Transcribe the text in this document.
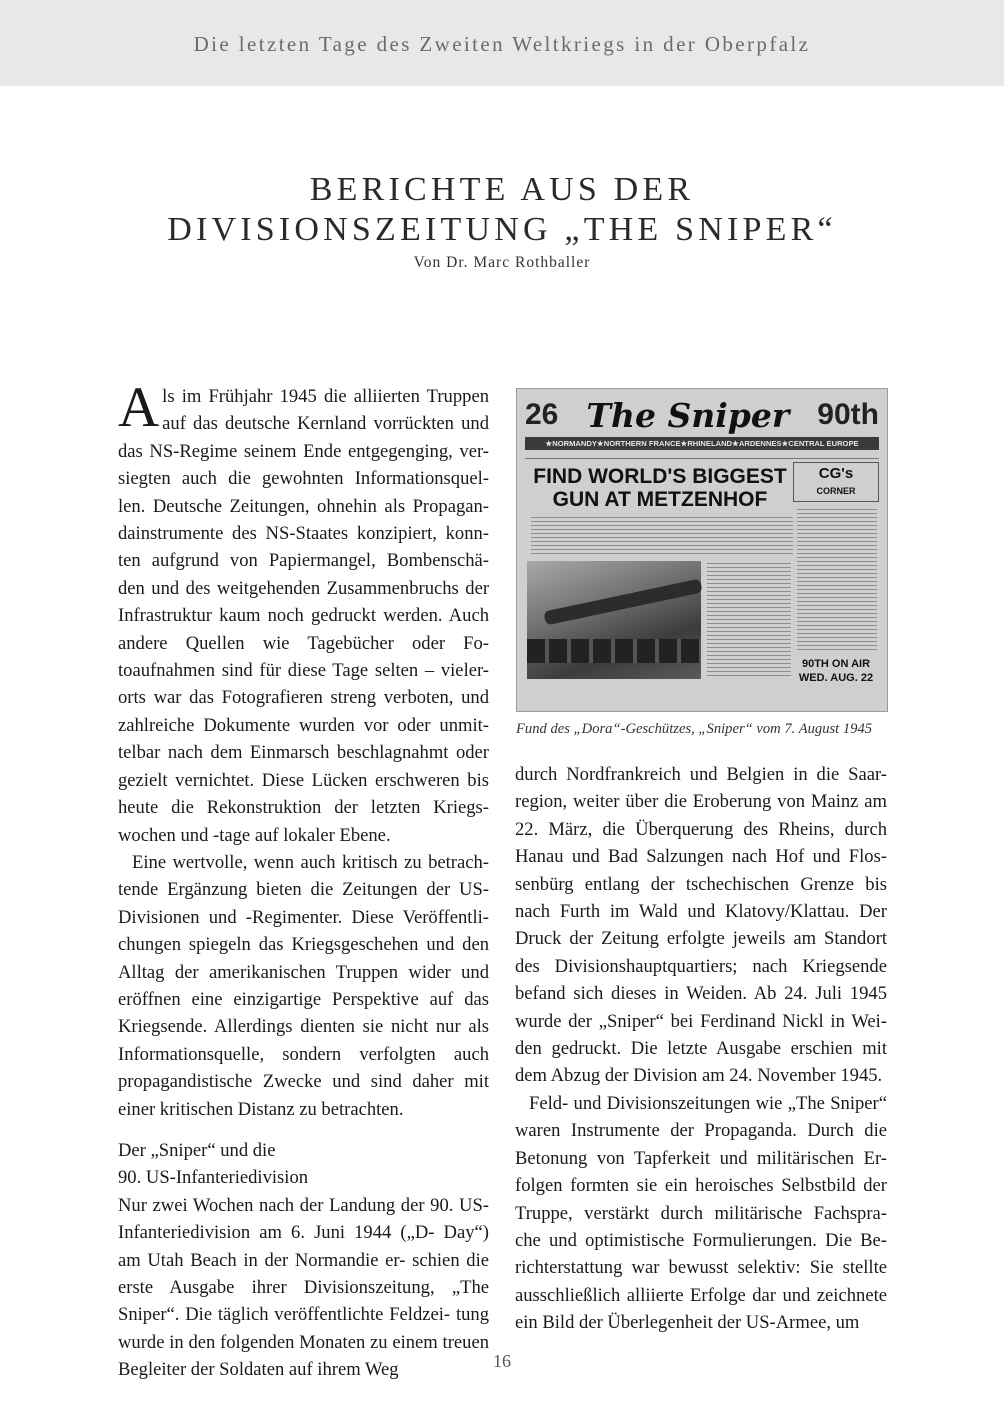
Die letzten Tage des Zweiten Weltkriegs in der Oberpfalz
BERICHTE AUS DER
DIVISIONSZEITUNG „THE SNIPER“
Von Dr. Marc Rothballer

A ls im Frühjahr 1945 die alliierten Truppen auf das deutsche Kernland vorrückten und das NS-Regime seinem Ende entgegenging, ver- siegten auch die gewohnten Informationsquel- len. Deutsche Zeitungen, ohnehin als Propagan- dainstrumente des NS-Staates konzipiert, konn- ten aufgrund von Papiermangel, Bombenschä- den und des weitgehenden Zusammenbruchs der Infrastruktur kaum noch gedruckt werden. Auch andere Quellen wie Tagebücher oder Fo- toaufnahmen sind für diese Tage selten – vieler- orts war das Fotografieren streng verboten, und zahlreiche Dokumente wurden vor oder unmit- telbar nach dem Einmarsch beschlagnahmt oder gezielt vernichtet. Diese Lücken erschweren bis heute die Rekonstruktion der letzten Kriegs- wochen und -tage auf lokaler Ebene.

Eine wertvolle, wenn auch kritisch zu betrach- tende Ergänzung bieten die Zeitungen der US- Divisionen und -Regimenter. Diese Veröffentli- chungen spiegeln das Kriegsgeschehen und den Alltag der amerikanischen Truppen wider und eröffnen eine einzigartige Perspektive auf das Kriegsende. Allerdings dienten sie nicht nur als Informationsquelle, sondern verfolgten auch propagandistische Zwecke und sind daher mit einer kritischen Distanz zu betrachten.

Der „Sniper“ und die
90. US-Infanteriedivision

Nur zwei Wochen nach der Landung der 90. US-Infanteriedivision am 6. Juni 1944 („D- Day“) am Utah Beach in der Normandie er- schien die erste Ausgabe ihrer Divisionszeitung, „The Sniper“. Die täglich veröffentlichte Feldzei- tung wurde in den folgenden Monaten zu einem treuen Begleiter der Soldaten auf ihrem Weg

26 The Sniper 90th
★NORMANDY★NORTHERN FRANCE★RHINELAND★ARDENNES★CENTRAL EUROPE
FIND WORLD'S BIGGEST
GUN AT METZENHOF
CG's
CORNER
90TH ON AIR
WED. AUG. 22
Fund des „Dora“-Geschützes, „Sniper“ vom 7. August 1945

durch Nordfrankreich und Belgien in die Saar- region, weiter über die Eroberung von Mainz am 22. März, die Überquerung des Rheins, durch Hanau und Bad Salzungen nach Hof und Flos- senbürg entlang der tschechischen Grenze bis nach Furth im Wald und Klatovy/Klattau. Der Druck der Zeitung erfolgte jeweils am Standort des Divisionshauptquartiers; nach Kriegsende befand sich dieses in Weiden. Ab 24. Juli 1945 wurde der „Sniper“ bei Ferdinand Nickl in Wei- den gedruckt. Die letzte Ausgabe erschien mit dem Abzug der Division am 24. November 1945.

Feld- und Divisionszeitungen wie „The Sniper“ waren Instrumente der Propaganda. Durch die Betonung von Tapferkeit und militärischen Er- folgen formten sie ein heroisches Selbstbild der Truppe, verstärkt durch militärische Fachspra- che und optimistische Formulierungen. Die Be- richterstattung war bewusst selektiv: Sie stellte ausschließlich alliierte Erfolge dar und zeichnete ein Bild der Überlegenheit der US-Armee, um

16
